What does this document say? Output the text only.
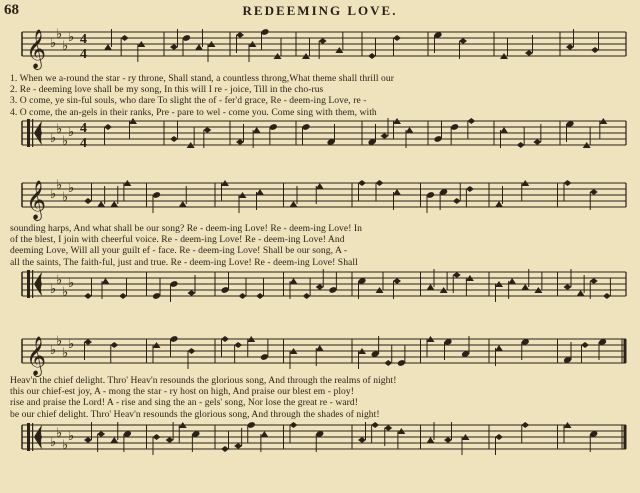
68	REDEEMING LOVE.
𝄞 ♭
♭
♭
♭ 4
4
1. When we a-round the star - ry throne, Shall stand, a countless throng,What theme shall thrill our
2. Re - deeming love shall be my song, In this will I re - joice, Till in the cho-rus
3. O come, ye sin-ful souls, who dare To slight the of - fer'd grace, Re - deem-ing Love, re -
4. O come, the an-gels in their ranks, Pre - pare to wel - come you. Come sing with them, with
♭
♭
♭
♭ 4
4
𝄞 ♭
♭
♭
♭
sounding harps, And what shall be our song? Re - deem-ing Love! Re - deem-ing Love! In
of the blest, I join with cheerful voice. Re - deem-ing Love! Re - deem-ing Love! And
deeming Love, Will all your guilt ef - face. Re - deem-ing Love! Shall be our song, A -
all the saints, The faith-ful, just and true. Re - deem-ing Love! Re - deem-ing Love! Shall
♭
♭
♭
♭
𝄞 ♭
♭
♭
♭
Heav'n the chief delight. Thro' Heav'n resounds the glorious song, And through the realms of night!
this our chief-est joy, A - mong the star - ry host on high, And praise our blest em - ploy!
rise and praise the Lord! A - rise and sing the an - gels' song, Nor lose the great re - ward!
be our chief delight. Thro' Heav'n resounds the glorious song, And through the shades of night!
♭
♭
♭
♭
